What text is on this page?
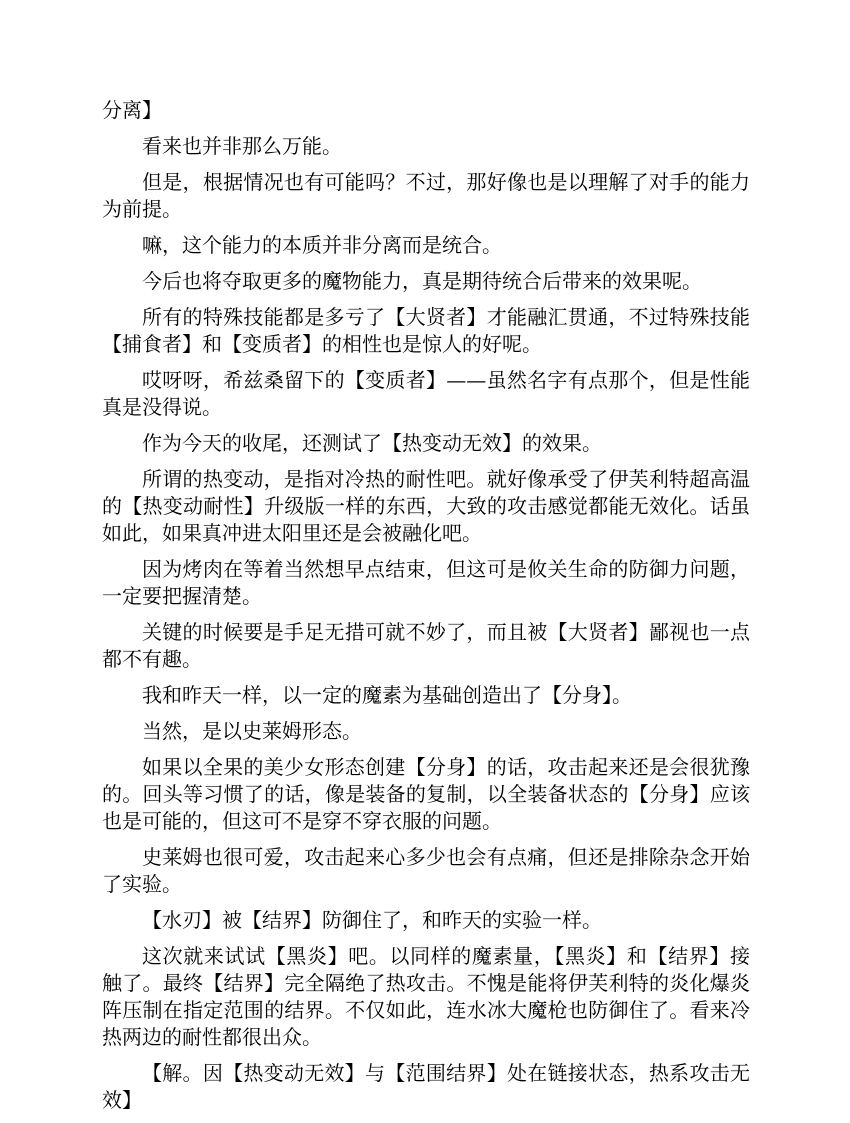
分离】

看来也并非那么万能。

但是，根据情况也有可能吗？不过，那好像也是以理解了对手的能力为前提。

嘛，这个能力的本质并非分离而是统合。

今后也将夺取更多的魔物能力，真是期待统合后带来的效果呢。

所有的特殊技能都是多亏了【大贤者】才能融汇贯通，不过特殊技能【捕食者】和【变质者】的相性也是惊人的好呢。

哎呀呀，希兹桑留下的【变质者】——虽然名字有点那个，但是性能真是没得说。

作为今天的收尾，还测试了【热变动无效】的效果。

所谓的热变动，是指对冷热的耐性吧。就好像承受了伊芙利特超高温的【热变动耐性】升级版一样的东西，大致的攻击感觉都能无效化。话虽如此，如果真冲进太阳里还是会被融化吧。

因为烤肉在等着当然想早点结束，但这可是攸关生命的防御力问题，一定要把握清楚。

关键的时候要是手足无措可就不妙了，而且被【大贤者】鄙视也一点都不有趣。

我和昨天一样，以一定的魔素为基础创造出了【分身】。

当然，是以史莱姆形态。

如果以全果的美少女形态创建【分身】的话，攻击起来还是会很犹豫的。回头等习惯了的话，像是装备的复制，以全装备状态的【分身】应该也是可能的，但这可不是穿不穿衣服的问题。

史莱姆也很可爱，攻击起来心多少也会有点痛，但还是排除杂念开始了实验。

【水刃】被【结界】防御住了，和昨天的实验一样。

这次就来试试【黑炎】吧。以同样的魔素量，【黑炎】和【结界】接触了。最终【结界】完全隔绝了热攻击。不愧是能将伊芙利特的炎化爆炎阵压制在指定范围的结界。不仅如此，连水冰大魔枪也防御住了。看来冷热两边的耐性都很出众。

【解。因【热变动无效】与【范围结界】处在链接状态，热系攻击无效】
